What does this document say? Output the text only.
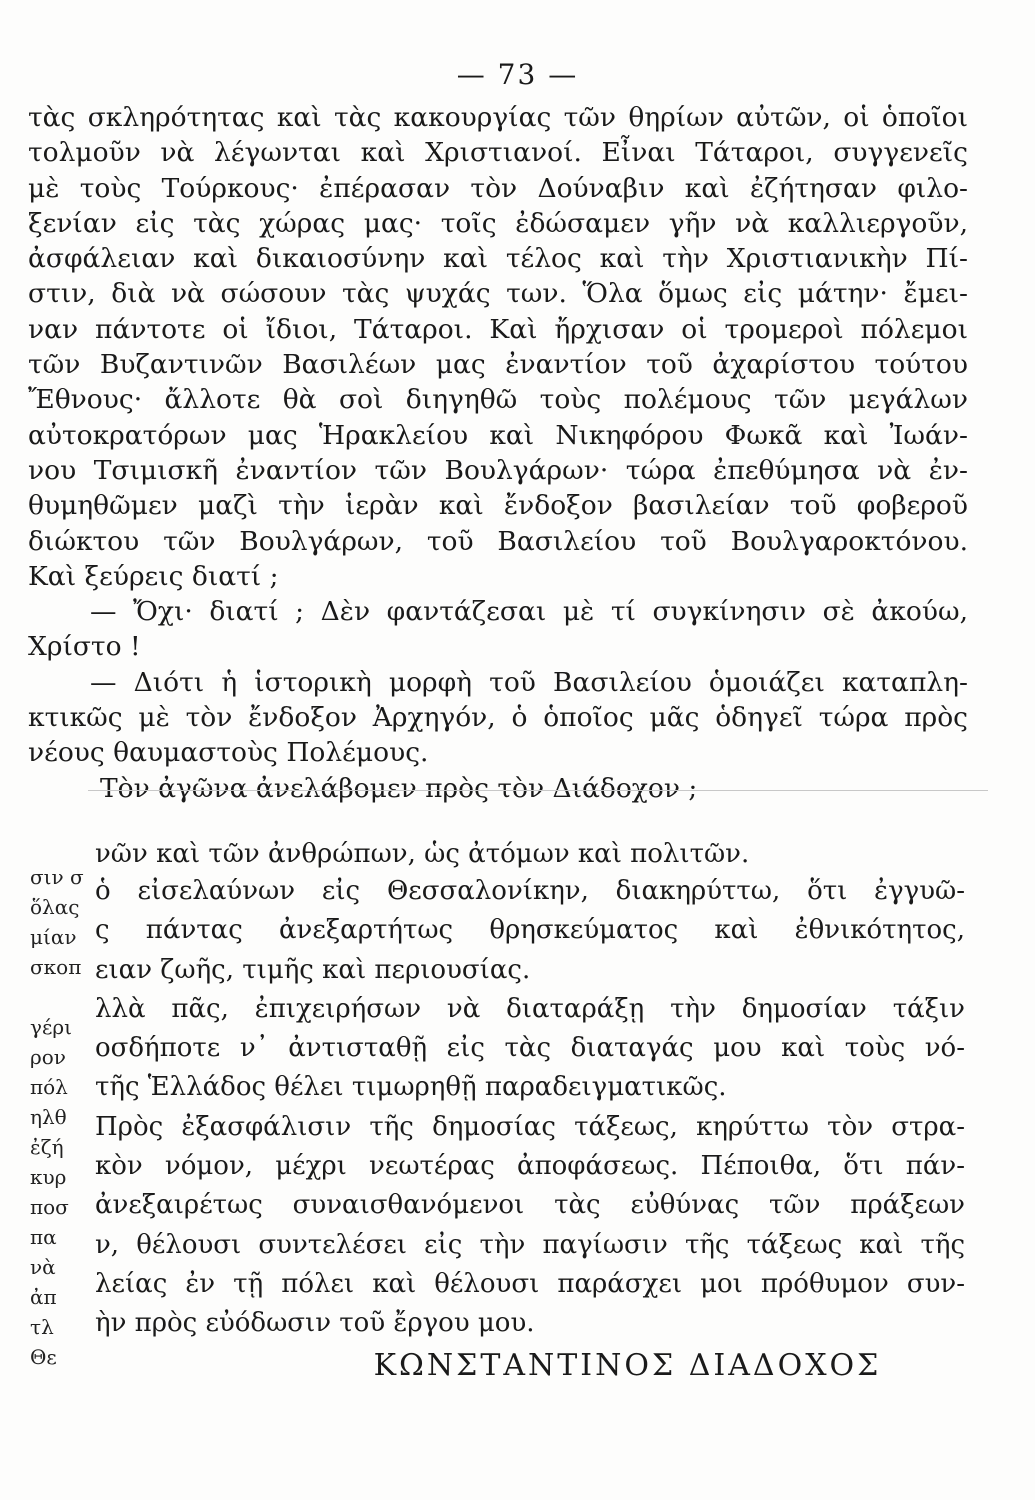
— 73 —
τὰς σκληρότητας καὶ τὰς κακουργίας τῶν θηρίων αὐτῶν, οἱ ὁποῖοι
τολμοῦν νὰ λέγωνται καὶ Χριστιανοί. Εἶναι Τάταροι, συγγενεῖς
μὲ τοὺς Τούρκους· ἐπέρασαν τὸν Δούναβιν καὶ ἐζήτησαν φιλο-
ξενίαν εἰς τὰς χώρας μας· τοῖς ἐδώσαμεν γῆν νὰ καλλιεργοῦν,
ἀσφάλειαν καὶ δικαιοσύνην καὶ τέλος καὶ τὴν Χριστιανικὴν Πί-
στιν, διὰ νὰ σώσουν τὰς ψυχάς των. Ὅλα ὅμως εἰς μάτην· ἔμει-
ναν πάντοτε οἱ ἴδιοι, Τάταροι. Καὶ ἤρχισαν οἱ τρομεροὶ πόλεμοι
τῶν Βυζαντινῶν Βασιλέων μας ἐναντίον τοῦ ἀχαρίστου τούτου
Ἔθνους· ἄλλοτε θὰ σοὶ διηγηθῶ τοὺς πολέμους τῶν μεγάλων
αὐτοκρατόρων μας Ἡρακλείου καὶ Νικηφόρου Φωκᾶ καὶ Ἰωάν-
νου Τσιμισκῆ ἐναντίον τῶν Βουλγάρων· τώρα ἐπεθύμησα νὰ ἐν-
θυμηθῶμεν μαζὶ τὴν ἱερὰν καὶ ἔνδοξον βασιλείαν τοῦ φοβεροῦ
διώκτου τῶν Βουλγάρων, τοῦ Βασιλείου τοῦ Βουλγαροκτόνου.
Καὶ ξεύρεις διατί ;
— Ὄχι· διατί ; Δὲν φαντάζεσαι μὲ τί συγκίνησιν σὲ ἀκούω,
Χρίστο !
— Διότι ἡ ἱστορικὴ μορφὴ τοῦ Βασιλείου ὁμοιάζει καταπλη-
κτικῶς μὲ τὸν ἔνδοξον Ἀρχηγόν, ὁ ὁποῖος μᾶς ὁδηγεῖ τώρα πρὸς
νέους θαυμαστοὺς Πολέμους.
Τὸν ἀγῶνα ἀνελάβομεν πρὸς τὸν Διάδοχον ;
νῶν καὶ τῶν ἀνθρώπων, ὡς ἀτόμων καὶ πολιτῶν.
ὁ εἰσελαύνων εἰς Θεσσαλονίκην, διακηρύττω, ὅτι ἐγγυῶ-
ς πάντας ἀνεξαρτήτως θρησκεύματος καὶ ἐθνικότητος,
ειαν ζωῆς, τιμῆς καὶ περιουσίας.
λλὰ πᾶς, ἐπιχειρήσων νὰ διαταράξῃ τὴν δημοσίαν τάξιν
οσδήποτε ν᾽ ἀντισταθῇ εἰς τὰς διαταγάς μου καὶ τοὺς νό-
τῆς Ἑλλάδος θέλει τιμωρηθῇ παραδειγματικῶς.
Πρὸς ἐξασφάλισιν τῆς δημοσίας τάξεως, κηρύττω τὸν στρα-
κὸν νόμον, μέχρι νεωτέρας ἀποφάσεως. Πέποιθα, ὅτι πάν-
ἀνεξαιρέτως συναισθανόμενοι τὰς εὐθύνας τῶν πράξεων
ν, θέλουσι συντελέσει εἰς τὴν παγίωσιν τῆς τάξεως καὶ τῆς
λείας ἐν τῇ πόλει καὶ θέλουσι παράσχει μοι πρόθυμον συν-
ὴν πρὸς εὐόδωσιν τοῦ ἔργου μου.
σιν σ
ὅλας
μίαν
σκοπ
γέρι
ρον
πόλ
ηλθ
ἐζή
κυρ
ποσ
πα
νὰ
ἀπ
τλ
Θε	ΚΩΝΣΤΑΝΤΙΝΟΣ ΔΙΑΔΟΧΟΣ
